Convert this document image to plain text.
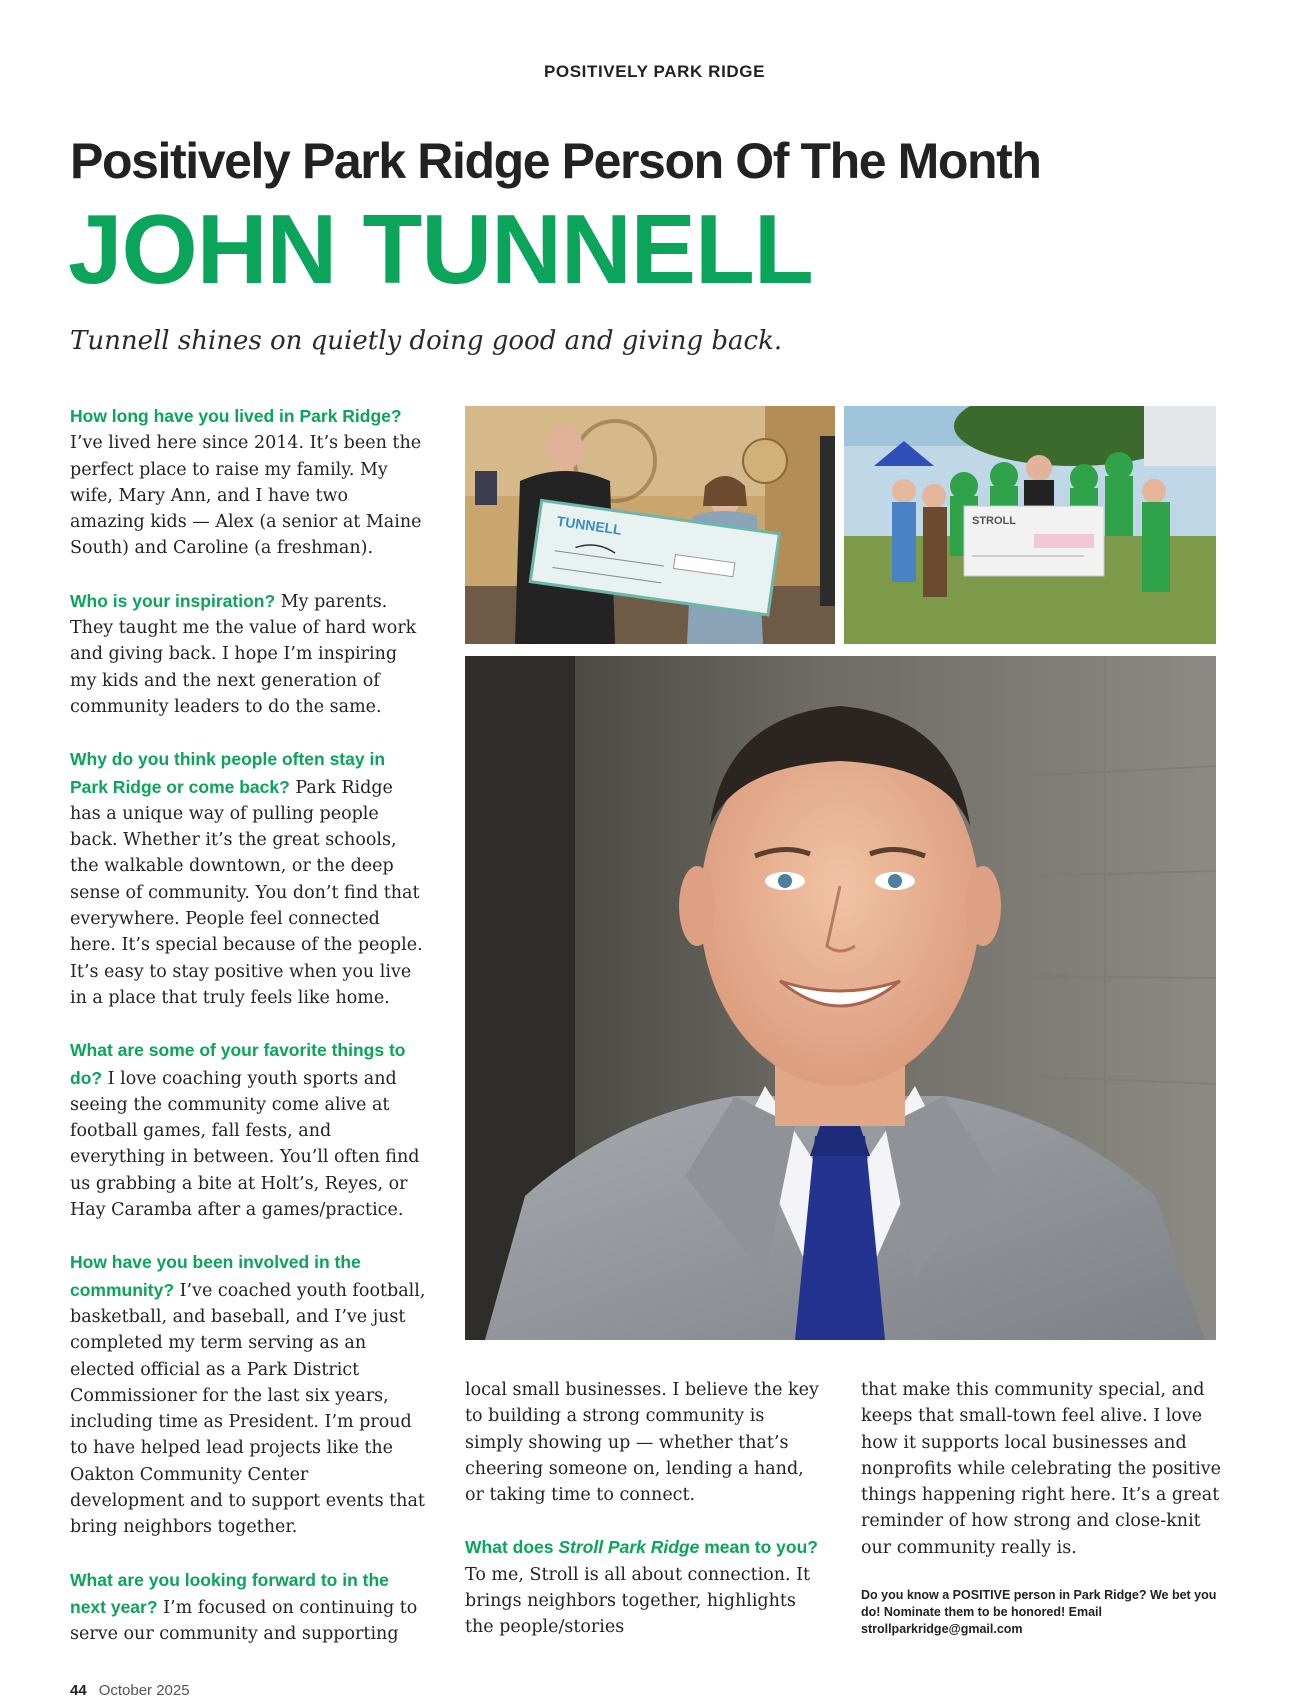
POSITIVELY PARK RIDGE
Positively Park Ridge Person Of The Month
JOHN TUNNELL

Tunnell shines on quietly doing good and giving back.

How long have you lived in Park Ridge? I’ve lived here since 2014. It’s been the perfect place to raise my family. My wife, Mary Ann, and I have two amazing kids — Alex (a senior at Maine South) and Caroline (a freshman).

Who is your inspiration? My parents. They taught me the value of hard work and giving back. I hope I’m inspiring my kids and the next generation of community leaders to do the same.

Why do you think people often stay in Park Ridge or come back? Park Ridge has a unique way of pulling people back. Whether it’s the great schools, the walkable downtown, or the deep sense of community. You don’t find that everywhere. People feel connected here. It’s special because of the people. It’s easy to stay positive when you live in a place that truly feels like home.

What are some of your favorite things to do? I love coaching youth sports and seeing the community come alive at football games, fall fests, and everything in between. You’ll often find us grabbing a bite at Holt’s, Reyes, or Hay Caramba after a games/practice.

How have you been involved in the community? I’ve coached youth football, basketball, and baseball, and I’ve just completed my term serving as an elected official as a Park District Commissioner for the last six years, including time as President. I’m proud to have helped lead projects like the Oakton Community Center development and to support events that bring neighbors together.

What are you looking forward to in the next year? I’m focused on continuing to serve our community and supporting

TUNNELL	STROLL

local small businesses. I believe the key to building a strong community is simply showing up — whether that’s cheering someone on, lending a hand, or taking time to connect.

What does Stroll Park Ridge mean to you? To me, Stroll is all about connection. It brings neighbors together, highlights the people/stories

that make this community special, and keeps that small-town feel alive. I love how it supports local businesses and nonprofits while celebrating the positive things happening right here. It’s a great reminder of how strong and close-knit our community really is.

Do you know a POSITIVE person in Park Ridge? We bet you do! Nominate them to be honored! Email strollparkridge@gmail.com

44 October 2025
